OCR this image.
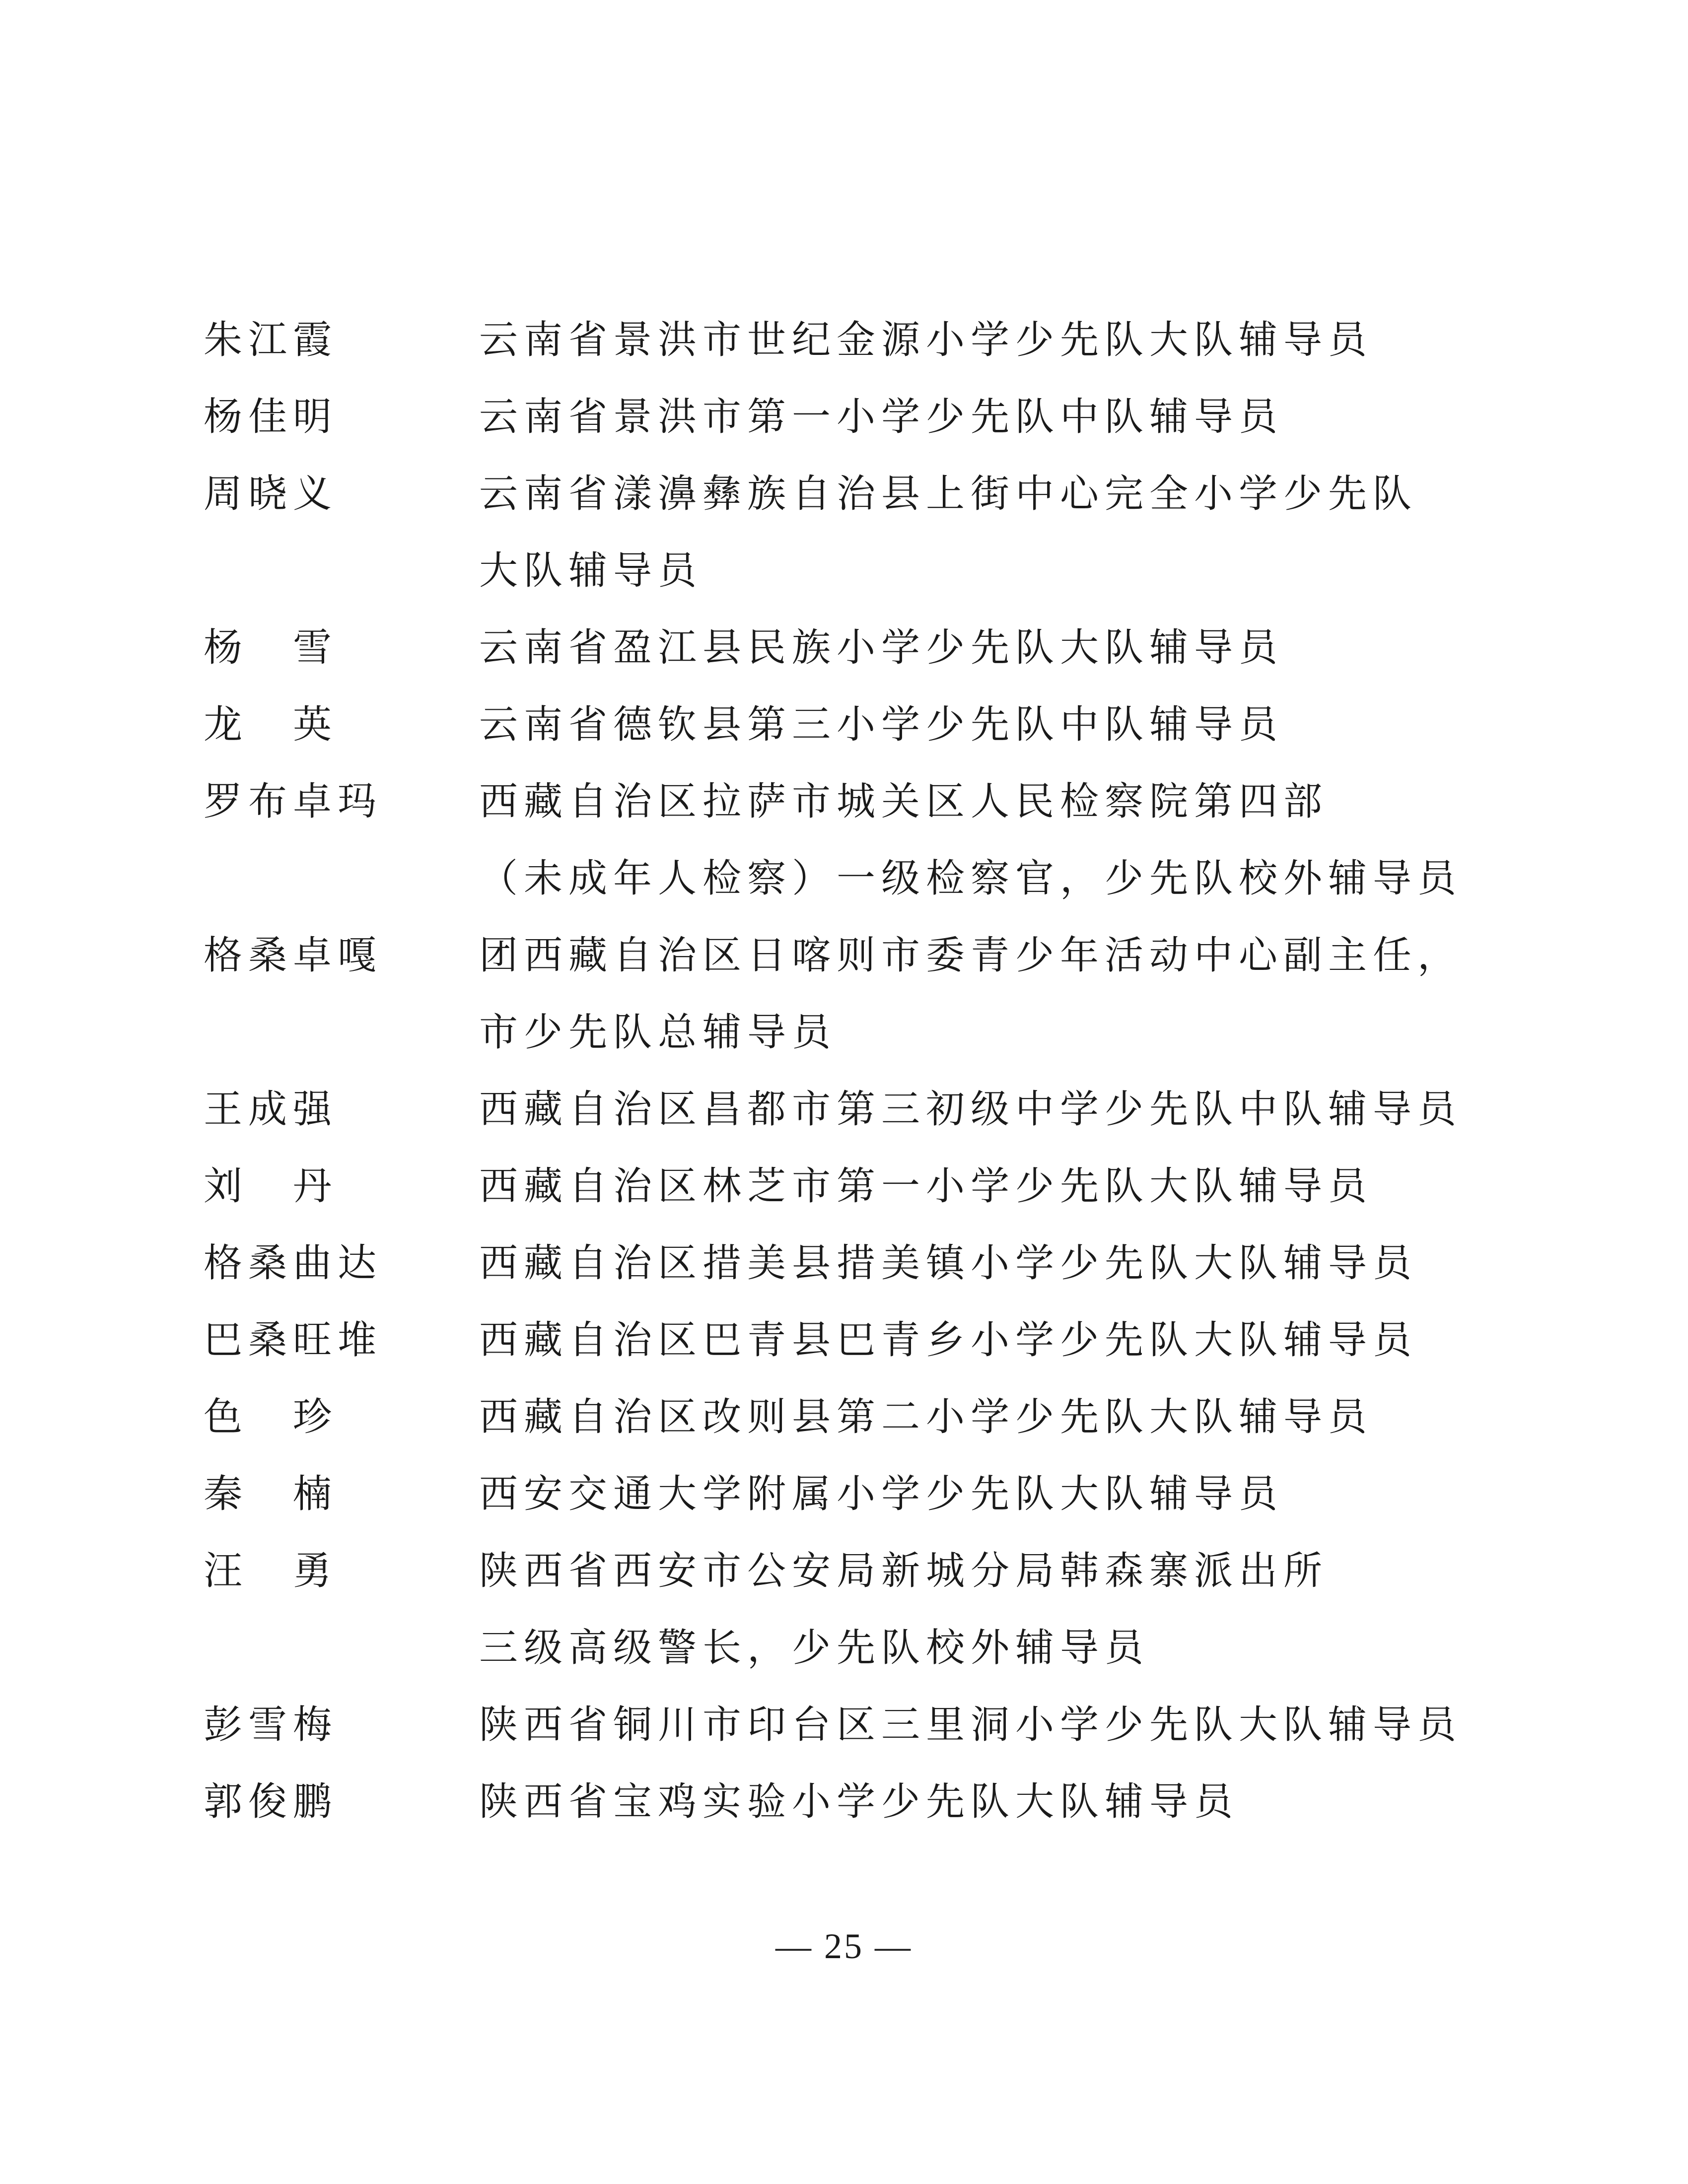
朱江霞	云南省景洪市世纪金源小学少先队大队辅导员
杨佳明	云南省景洪市第一小学少先队中队辅导员
周晓义	云南省漾濞彝族自治县上街中心完全小学少先队
大队辅导员
杨　雪	云南省盈江县民族小学少先队大队辅导员
龙　英	云南省德钦县第三小学少先队中队辅导员
罗布卓玛	西藏自治区拉萨市城关区人民检察院第四部
（未成年人检察）一级检察官，少先队校外辅导员
格桑卓嘎	团西藏自治区日喀则市委青少年活动中心副主任，
市少先队总辅导员
王成强	西藏自治区昌都市第三初级中学少先队中队辅导员
刘　丹	西藏自治区林芝市第一小学少先队大队辅导员
格桑曲达	西藏自治区措美县措美镇小学少先队大队辅导员
巴桑旺堆	西藏自治区巴青县巴青乡小学少先队大队辅导员
色　珍	西藏自治区改则县第二小学少先队大队辅导员
秦　楠	西安交通大学附属小学少先队大队辅导员
汪　勇	陕西省西安市公安局新城分局韩森寨派出所
三级高级警长，少先队校外辅导员
彭雪梅	陕西省铜川市印台区三里洞小学少先队大队辅导员
郭俊鹏	陕西省宝鸡实验小学少先队大队辅导员
— 25 —
